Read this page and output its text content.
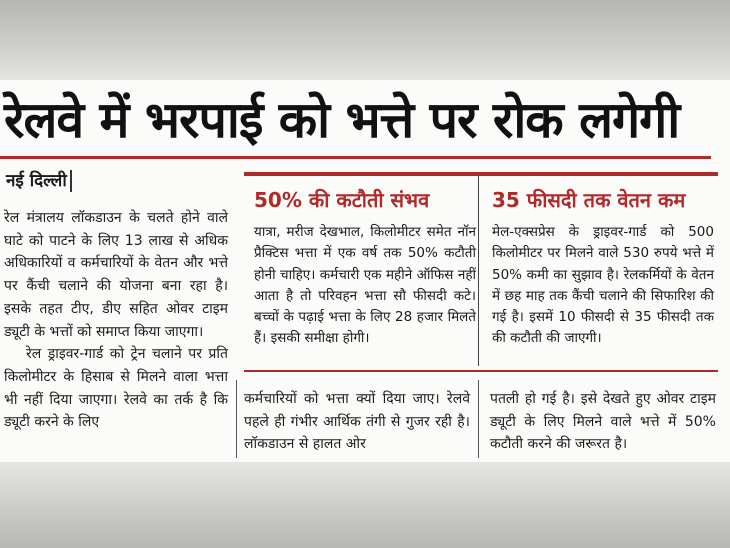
रेलवे में भरपाई को भत्ते पर रोक लगेगी
नई दिल्ली

रेल मंत्रालय लॉकडाउन के चलते होने वाले घाटे को पाटने के लिए 13 लाख से अधिक अधिकारियों व कर्मचारियों के वेतन और भत्ते पर कैंची चलाने की योजना बना रहा है। इसके तहत टीए, डीए सहित ओवर टाइम ड्यूटी के भत्तों को समाप्त किया जाएगा।

रेल ड्राइवर-गार्ड को ट्रेन चलाने पर प्रति किलोमीटर के हिसाब से मिलने वाला भत्ता भी नहीं दिया जाएगा। रेलवे का तर्क है कि ड्यूटी करने के लिए

50% की कटौती संभव

यात्रा, मरीज देखभाल, किलोमीटर समेत नॉन प्रैक्टिस भत्ता में एक वर्ष तक 50% कटौती होनी चाहिए। कर्मचारी एक महीने ऑफिस नहीं आता है तो परिवहन भत्ता सौ फीसदी कटे। बच्चों के पढ़ाई भत्ता के लिए 28 हजार मिलते हैं। इसकी समीक्षा होगी।

35 फीसदी तक वेतन कम

मेल-एक्सप्रेस के ड्राइवर-गार्ड को 500 किलोमीटर पर मिलने वाले 530 रुपये भत्ते में 50% कमी का सुझाव है। रेलकर्मियों के वेतन में छह माह तक कैंची चलाने की सिफारिश की गई है। इसमें 10 फीसदी से 35 फीसदी तक की कटौती की जाएगी।

कर्मचारियों को भत्ता क्यों दिया जाए। रेलवे पहले ही गंभीर आर्थिक तंगी से गुजर रही है। लॉकडाउन से हालत ओर

पतली हो गई है। इसे देखते हुए ओवर टाइम ड्यूटी के लिए मिलने वाले भत्ते में 50% कटौती करने की जरूरत है।
